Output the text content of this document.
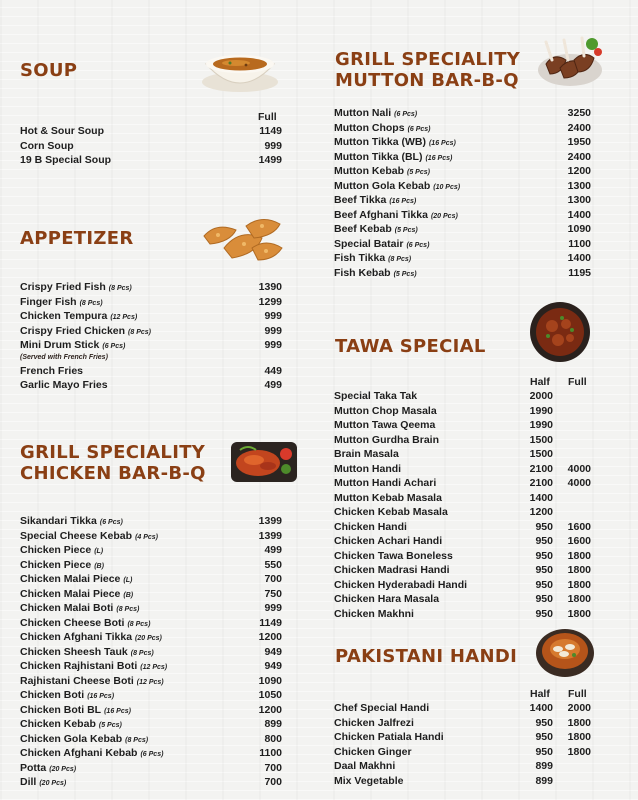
SOUP
Full
Hot & Sour Soup	1149
Corn Soup	999
19 B Special Soup	1499
APPETIZER
Crispy Fried Fish (8 Pcs)	1390
Finger Fish (8 Pcs)	1299
Chicken Tempura (12 Pcs)	999
Crispy Fried Chicken (8 Pcs)	999
Mini Drum Stick (6 Pcs)	999
(Served with French Fries)
French Fries	449
Garlic Mayo Fries	499
GRILL SPECIALITY
CHICKEN BAR-B-Q
Sikandari Tikka (6 Pcs)	1399
Special Cheese Kebab (4 Pcs)	1399
Chicken Piece (L)	499
Chicken Piece (B)	550
Chicken Malai Piece (L)	700
Chicken Malai Piece (B)	750
Chicken Malai Boti (8 Pcs)	999
Chicken Cheese Boti (8 Pcs)	1149
Chicken Afghani Tikka (20 Pcs)	1200
Chicken Sheesh Tauk (8 Pcs)	949
Chicken Rajhistani Boti (12 Pcs)	949
Rajhistani Cheese Boti (12 Pcs)	1090
Chicken Boti (16 Pcs)	1050
Chicken Boti BL (16 Pcs)	1200
Chicken Kebab (5 Pcs)	899
Chicken Gola Kebab (8 Pcs)	800
Chicken Afghani Kebab (6 Pcs)	1100
Potta (20 Pcs)	700
Dill (20 Pcs)	700
GRILL SPECIALITY
MUTTON BAR-B-Q
Mutton Nali (6 Pcs)	3250
Mutton Chops (6 Pcs)	2400
Mutton Tikka (WB) (16 Pcs)	1950
Mutton Tikka (BL) (16 Pcs)	2400
Mutton Kebab (5 Pcs)	1200
Mutton Gola Kebab (10 Pcs)	1300
Beef Tikka (16 Pcs)	1300
Beef Afghani Tikka (20 Pcs)	1400
Beef Kebab (5 Pcs)	1090
Special Batair (6 Pcs)	1100
Fish Tikka (8 Pcs)	1400
Fish Kebab (5 Pcs)	1195
TAWA SPECIAL
Half Full
Special Taka Tak	2000
Mutton Chop Masala	1990
Mutton Tawa Qeema	1990
Mutton Gurdha Brain	1500
Brain Masala	1500
Mutton Handi	2100 4000
Mutton Handi Achari	2100 4000
Mutton Kebab Masala	1400
Chicken Kebab Masala	1200
Chicken Handi	950 1600
Chicken Achari Handi	950 1600
Chicken Tawa Boneless	950 1800
Chicken Madrasi Handi	950 1800
Chicken Hyderabadi Handi	950 1800
Chicken Hara Masala	950 1800
Chicken Makhni	950 1800
PAKISTANI HANDI
Half Full
Chef Special Handi	1400 2000
Chicken Jalfrezi	950 1800
Chicken Patiala Handi	950 1800
Chicken Ginger	950 1800
Daal Makhni	899
Mix Vegetable	899
